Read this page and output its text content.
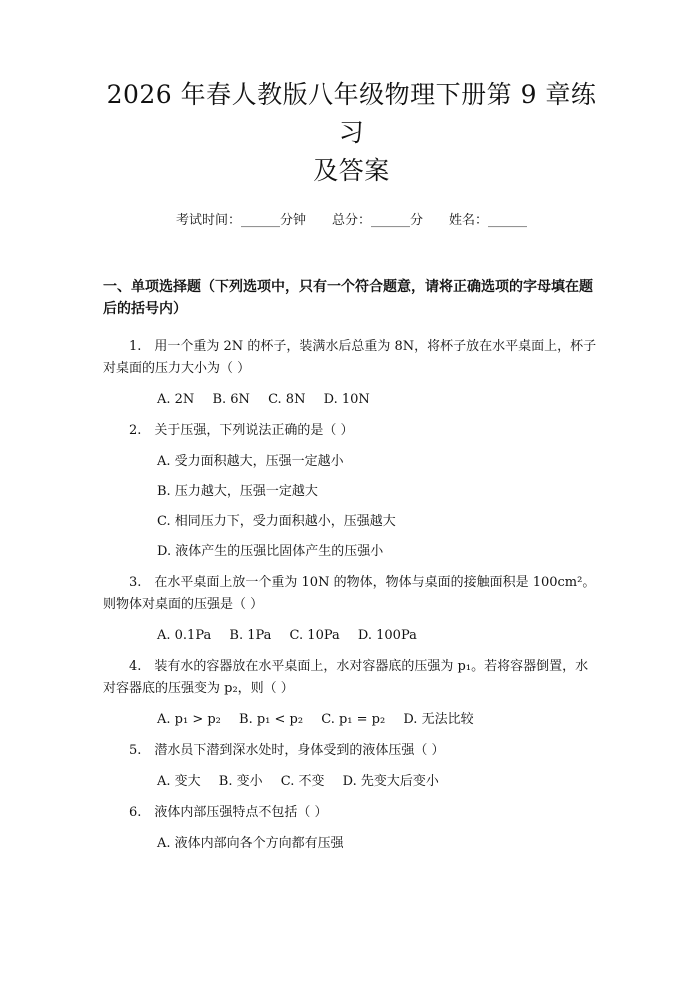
2026 年春人教版八年级物理下册第 9 章练习
及答案
考试时间：______分钟 总分：______分 姓名：______
一、单项选择题（下列选项中，只有一个符合题意，请将正确选项的字母填在题后的括号内）
1.　用一个重为 2N 的杯子，装满水后总重为 8N，将杯子放在水平桌面上，杯子对桌面的压力大小为（ ）
A. 2N B. 6N C. 8N D. 10N
2.　关于压强，下列说法正确的是（ ）
A. 受力面积越大，压强一定越小
B. 压力越大，压强一定越大
C. 相同压力下，受力面积越小，压强越大
D. 液体产生的压强比固体产生的压强小
3.　在水平桌面上放一个重为 10N 的物体，物体与桌面的接触面积是 100cm²。则物体对桌面的压强是（ ）
A. 0.1Pa B. 1Pa C. 10Pa D. 100Pa
4.　装有水的容器放在水平桌面上，水对容器底的压强为 p₁。若将容器倒置，水对容器底的压强变为 p₂，则（ ）
A. p₁ > p₂ B. p₁ < p₂ C. p₁ = p₂ D. 无法比较
5.　潜水员下潜到深水处时，身体受到的液体压强（ ）
A. 变大 B. 变小 C. 不变 D. 先变大后变小
6.　液体内部压强特点不包括（ ）
A. 液体内部向各个方向都有压强
